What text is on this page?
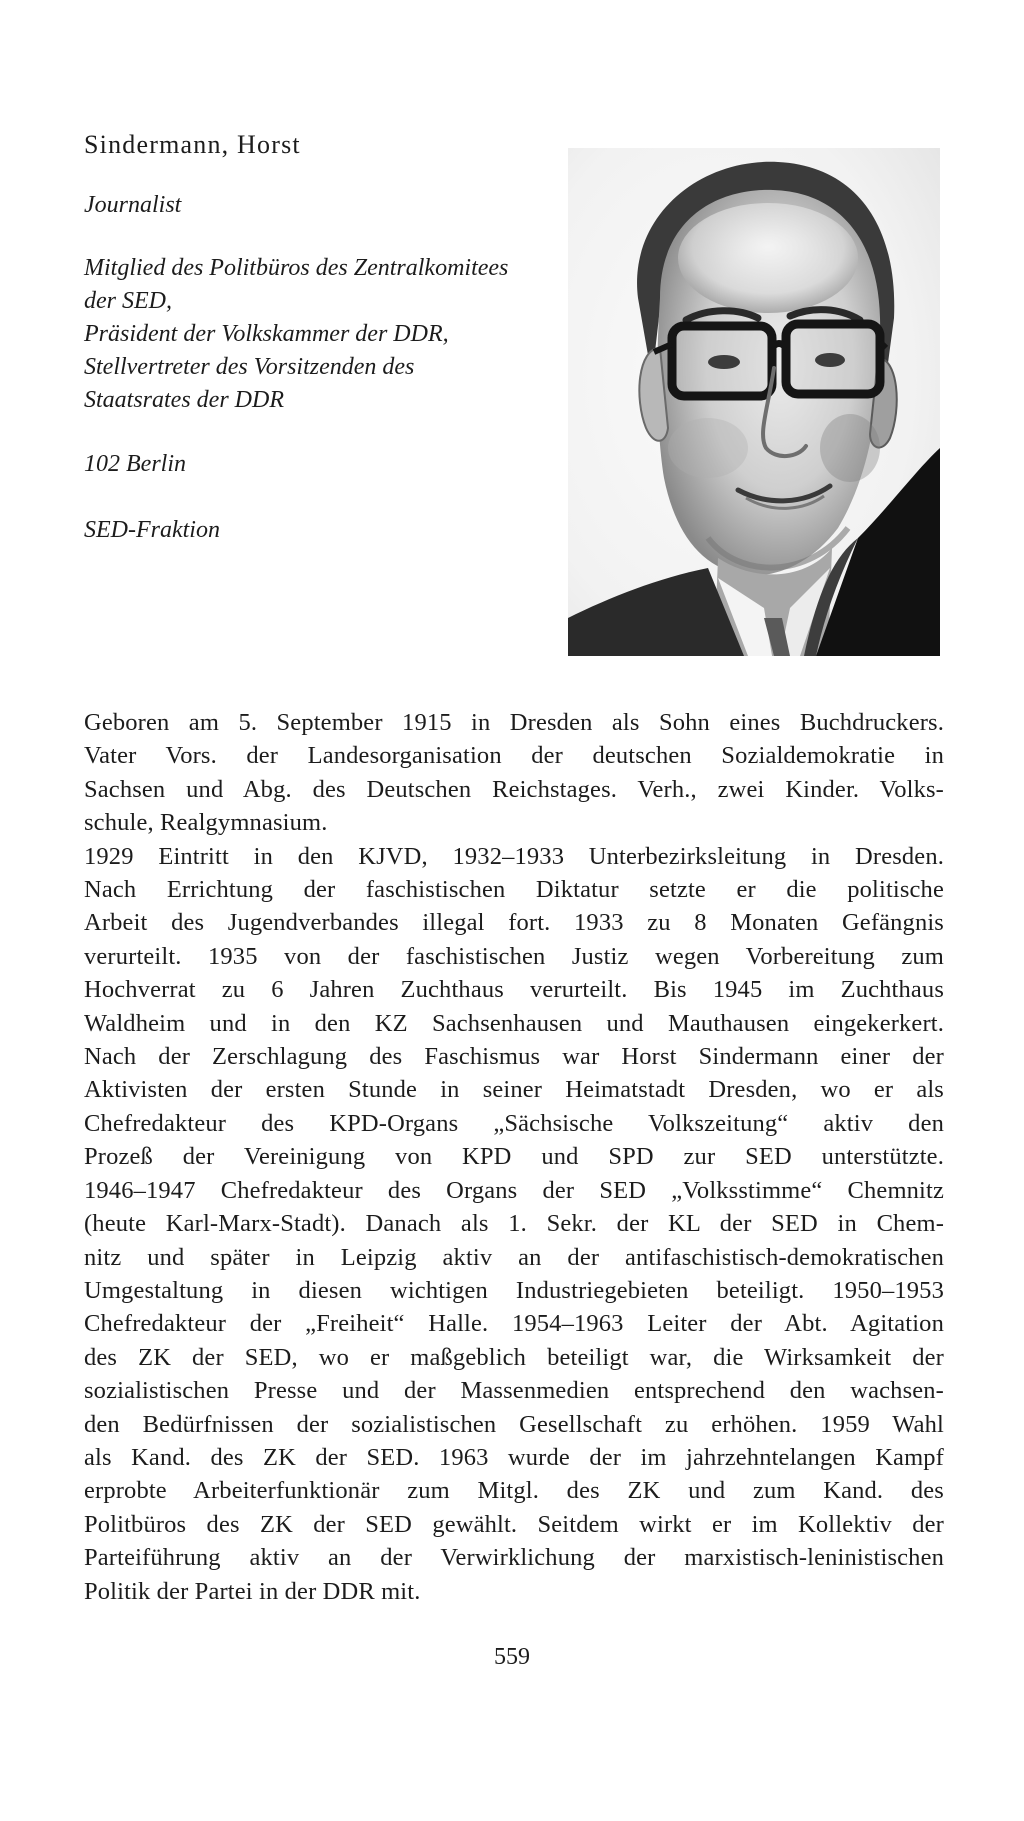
Sindermann, Horst
Journalist
Mitglied des Politbüros des Zentralkomitees
der SED,
Präsident der Volkskammer der DDR,
Stellvertreter des Vorsitzenden des
Staatsrates der DDR
102 Berlin
SED-Fraktion
Geboren am 5. September 1915 in Dresden als Sohn eines Buchdruckers.
Vater Vors. der Landesorganisation der deutschen Sozialdemokratie in
Sachsen und Abg. des Deutschen Reichstages. Verh., zwei Kinder. Volks-
schule, Realgymnasium.
1929 Eintritt in den KJVD, 1932–1933 Unterbezirksleitung in Dresden.
Nach Errichtung der faschistischen Diktatur setzte er die politische
Arbeit des Jugendverbandes illegal fort. 1933 zu 8 Monaten Gefängnis
verurteilt. 1935 von der faschistischen Justiz wegen Vorbereitung zum
Hochverrat zu 6 Jahren Zuchthaus verurteilt. Bis 1945 im Zuchthaus
Waldheim und in den KZ Sachsenhausen und Mauthausen eingekerkert.
Nach der Zerschlagung des Faschismus war Horst Sindermann einer der
Aktivisten der ersten Stunde in seiner Heimatstadt Dresden, wo er als
Chefredakteur des KPD-Organs „Sächsische Volkszeitung“ aktiv den
Prozeß der Vereinigung von KPD und SPD zur SED unterstützte.
1946–1947 Chefredakteur des Organs der SED „Volksstimme“ Chemnitz
(heute Karl-Marx-Stadt). Danach als 1. Sekr. der KL der SED in Chem-
nitz und später in Leipzig aktiv an der antifaschistisch-demokratischen
Umgestaltung in diesen wichtigen Industriegebieten beteiligt. 1950–1953
Chefredakteur der „Freiheit“ Halle. 1954–1963 Leiter der Abt. Agitation
des ZK der SED, wo er maßgeblich beteiligt war, die Wirksamkeit der
sozialistischen Presse und der Massenmedien entsprechend den wachsen-
den Bedürfnissen der sozialistischen Gesellschaft zu erhöhen. 1959 Wahl
als Kand. des ZK der SED. 1963 wurde der im jahrzehntelangen Kampf
erprobte Arbeiterfunktionär zum Mitgl. des ZK und zum Kand. des
Politbüros des ZK der SED gewählt. Seitdem wirkt er im Kollektiv der
Parteiführung aktiv an der Verwirklichung der marxistisch-leninistischen
Politik der Partei in der DDR mit.
559
